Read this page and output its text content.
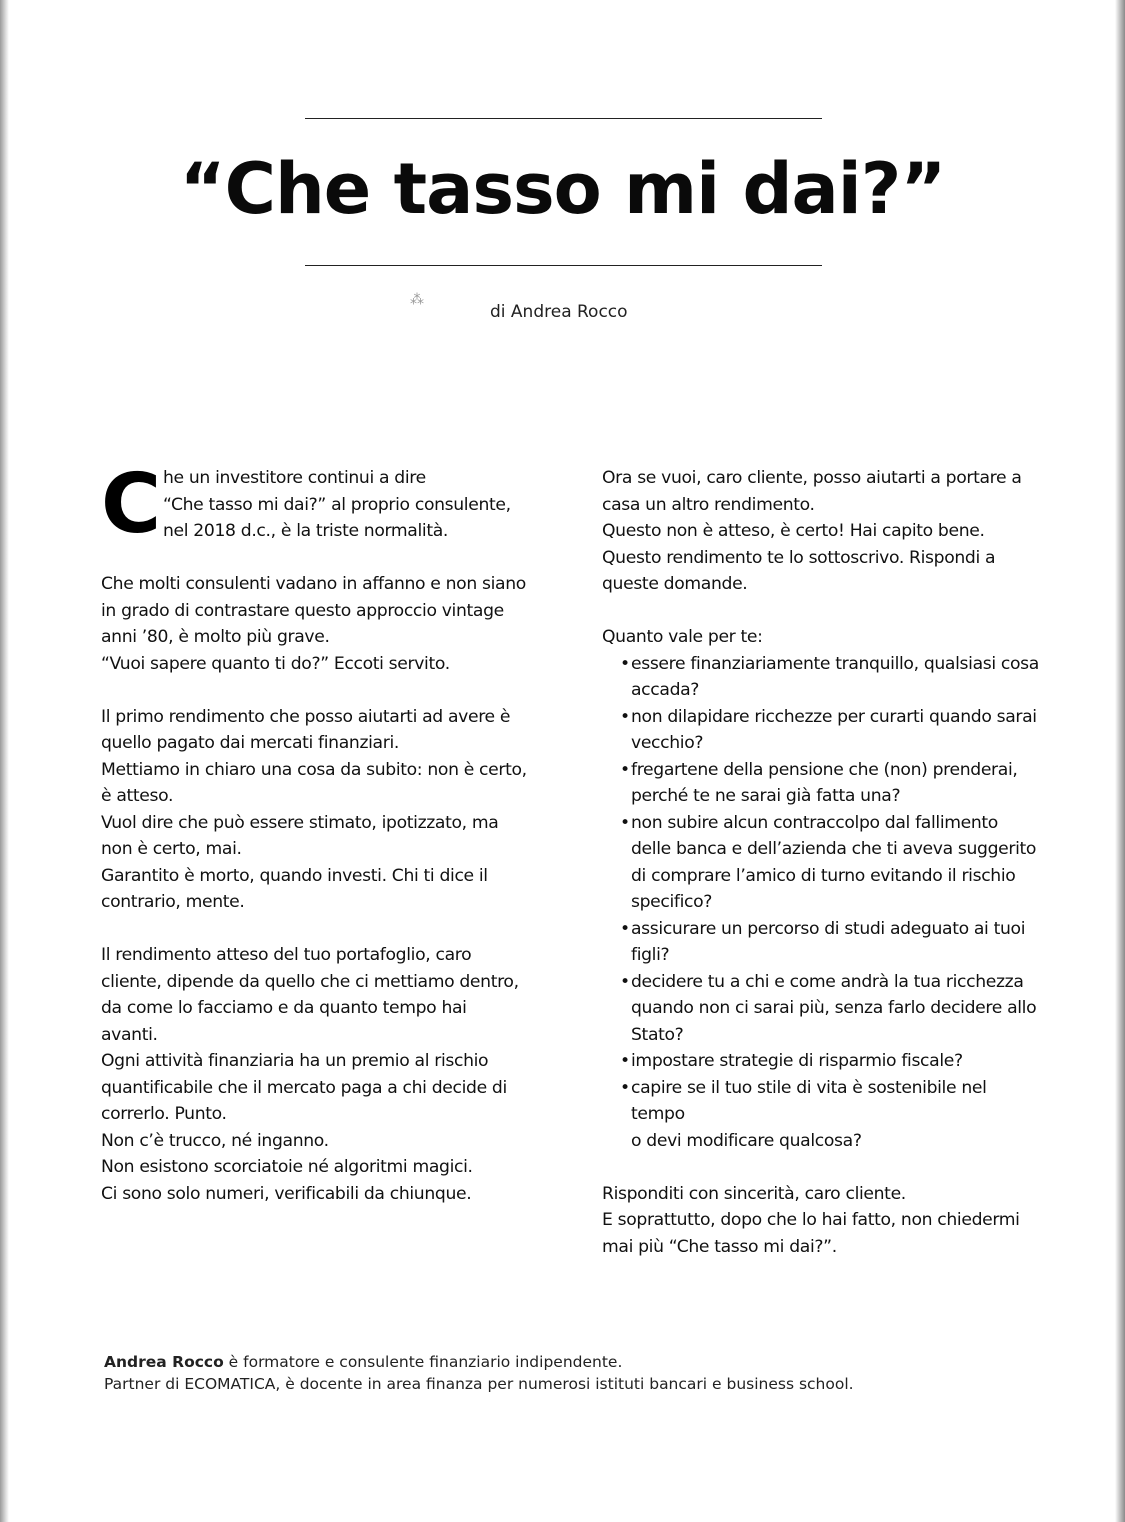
“Che tasso mi dai?”
⁂
di Andrea Rocco
C he un investitore continui a dire
“Che tasso mi dai?” al proprio consulente,
nel 2018 d.c., è la triste normalità.

Che molti consulenti vadano in affanno e non siano
in grado di contrastare questo approccio vintage
anni ’80, è molto più grave.
“Vuoi sapere quanto ti do?” Eccoti servito.

Il primo rendimento che posso aiutarti ad avere è
quello pagato dai mercati finanziari.
Mettiamo in chiaro una cosa da subito: non è certo,
è atteso.
Vuol dire che può essere stimato, ipotizzato, ma
non è certo, mai.
Garantito è morto, quando investi. Chi ti dice il
contrario, mente.

Il rendimento atteso del tuo portafoglio, caro
cliente, dipende da quello che ci mettiamo dentro,
da come lo facciamo e da quanto tempo hai
avanti.
Ogni attività finanziaria ha un premio al rischio
quantificabile che il mercato paga a chi decide di
correrlo. Punto.
Non c’è trucco, né inganno.
Non esistono scorciatoie né algoritmi magici.
Ci sono solo numeri, verificabili da chiunque.

Ora se vuoi, caro cliente, posso aiutarti a portare a
casa un altro rendimento.
Questo non è atteso, è certo! Hai capito bene.
Questo rendimento te lo sottoscrivo. Rispondi a
queste domande.

Quanto vale per te:

• essere finanziariamente tranquillo, qualsiasi cosa
accada?
• non dilapidare ricchezze per curarti quando sarai
vecchio?
• fregartene della pensione che (non) prenderai,
perché te ne sarai già fatta una?
• non subire alcun contraccolpo dal fallimento
delle banca e dell’azienda che ti aveva suggerito
di comprare l’amico di turno evitando il rischio
specifico?
• assicurare un percorso di studi adeguato ai tuoi
figli?
• decidere tu a chi e come andrà la tua ricchezza
quando non ci sarai più, senza farlo decidere allo
Stato?
• impostare strategie di risparmio fiscale?
• capire se il tuo stile di vita è sostenibile nel tempo
o devi modificare qualcosa?

Risponditi con sincerità, caro cliente.
E soprattutto, dopo che lo hai fatto, non chiedermi
mai più “Che tasso mi dai?”.

Andrea Rocco è formatore e consulente finanziario indipendente.
Partner di ECOMATICA, è docente in area finanza per numerosi istituti bancari e business school.
